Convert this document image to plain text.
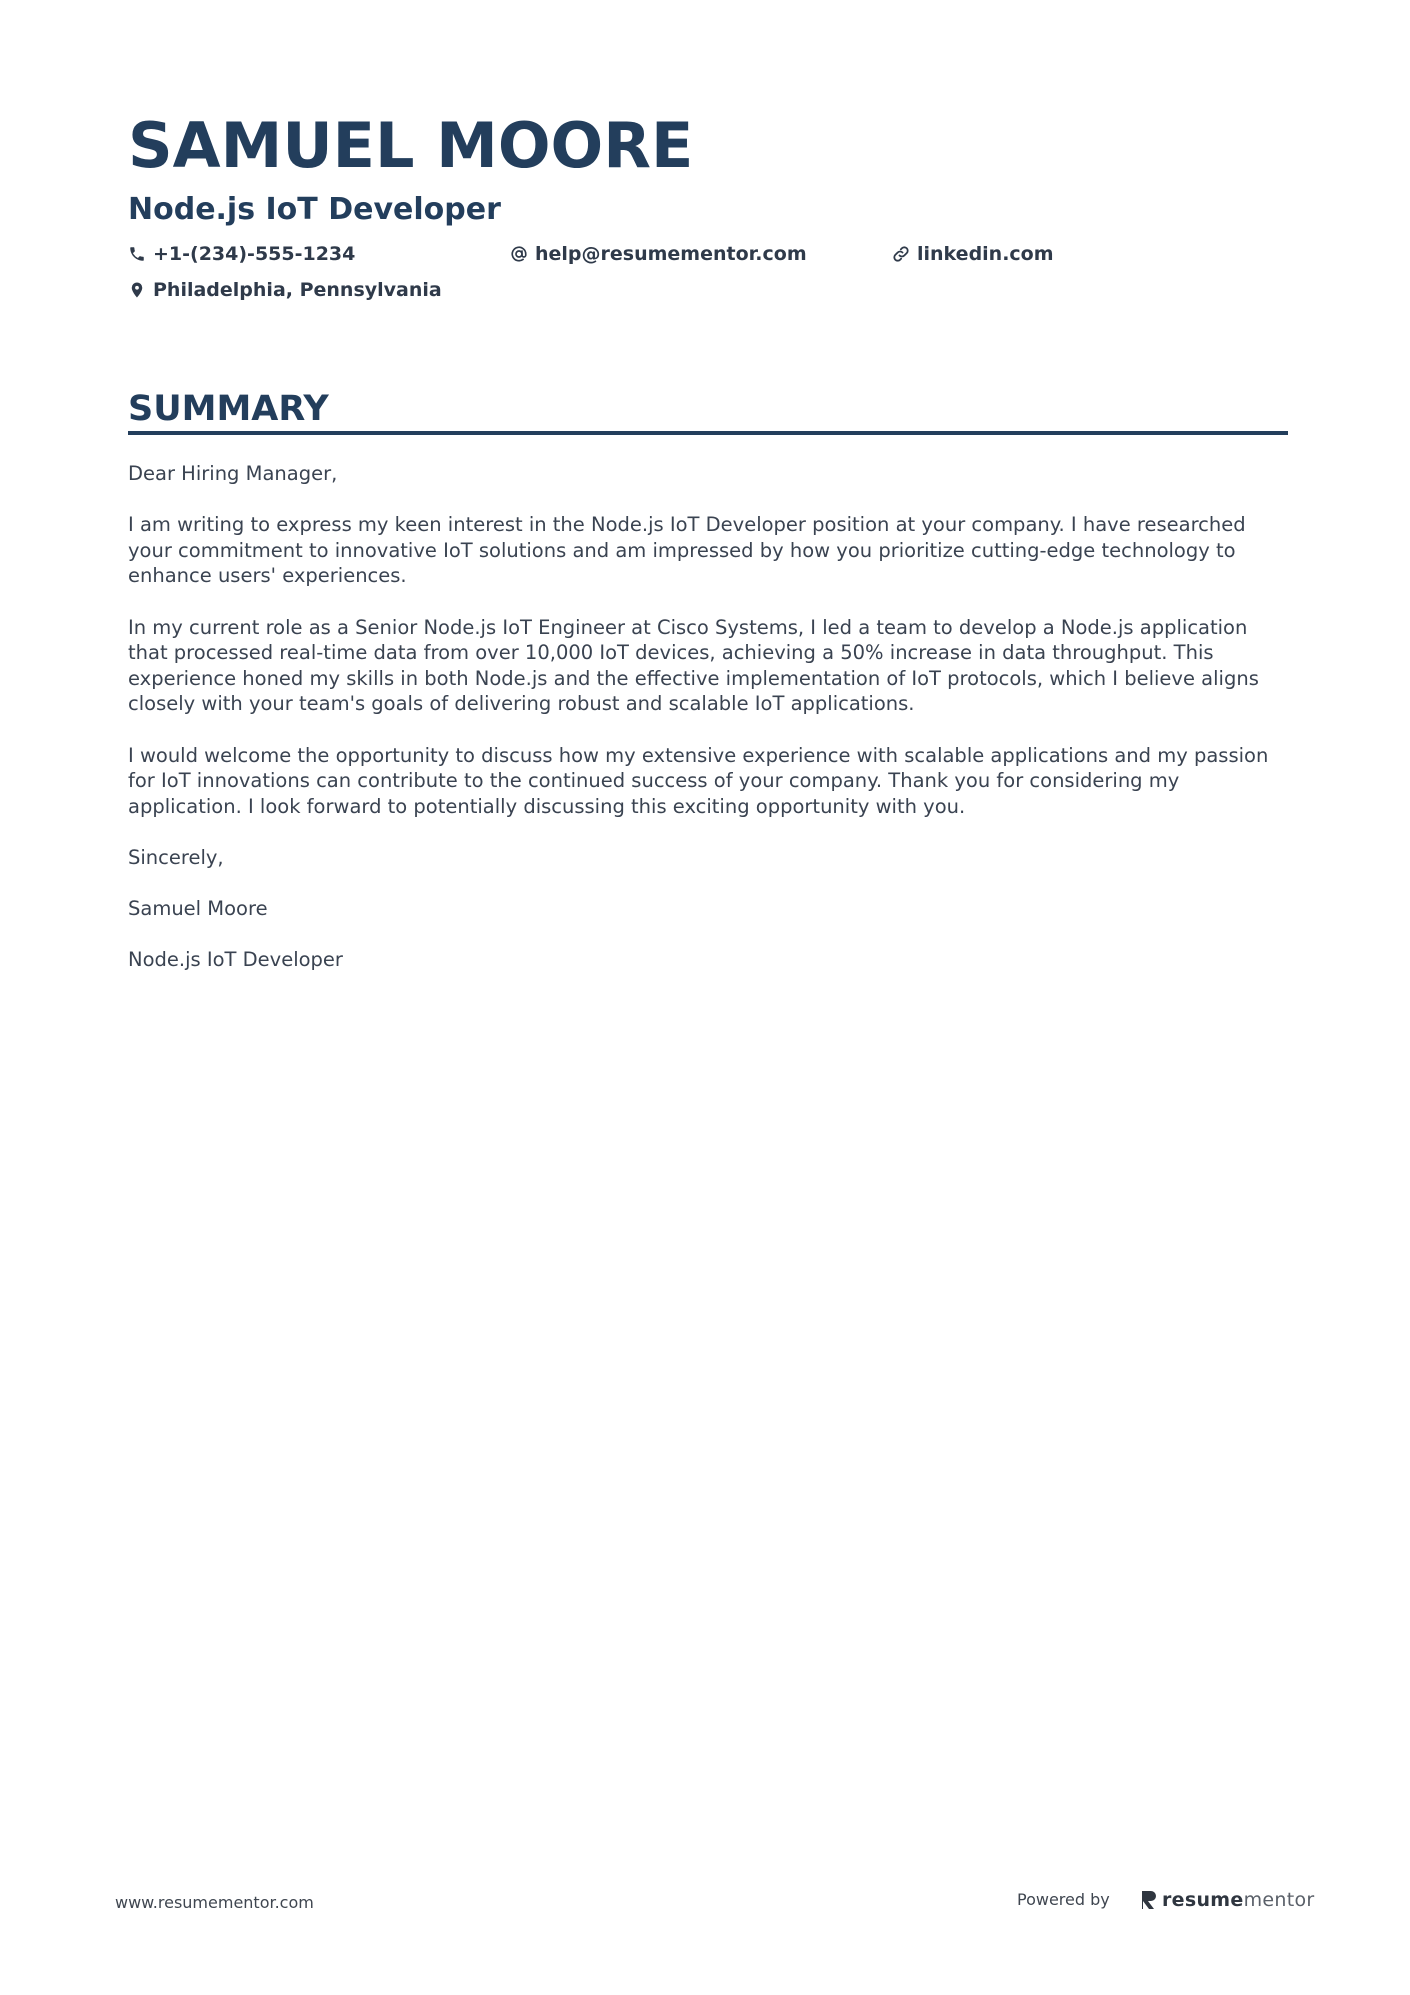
SAMUEL MOORE
Node.js IoT Developer
+1-(234)-555-1234	help@resumementor.com	linkedin.com
Philadelphia, Pennsylvania
SUMMARY

Dear Hiring Manager,

I am writing to express my keen interest in the Node.js IoT Developer position at your company. I have researched your commitment to innovative IoT solutions and am impressed by how you prioritize cutting-edge technology to enhance users' experiences.

In my current role as a Senior Node.js IoT Engineer at Cisco Systems, I led a team to develop a Node.js application that processed real-time data from over 10,000 IoT devices, achieving a 50% increase in data throughput. This experience honed my skills in both Node.js and the effective implementation of IoT protocols, which I believe aligns closely with your team's goals of delivering robust and scalable IoT applications.

I would welcome the opportunity to discuss how my extensive experience with scalable applications and my passion for IoT innovations can contribute to the continued success of your company. Thank you for considering my application. I look forward to potentially discussing this exciting opportunity with you.

Sincerely,

Samuel Moore

Node.js IoT Developer

www.resumementor.com	Powered by	resumementor
